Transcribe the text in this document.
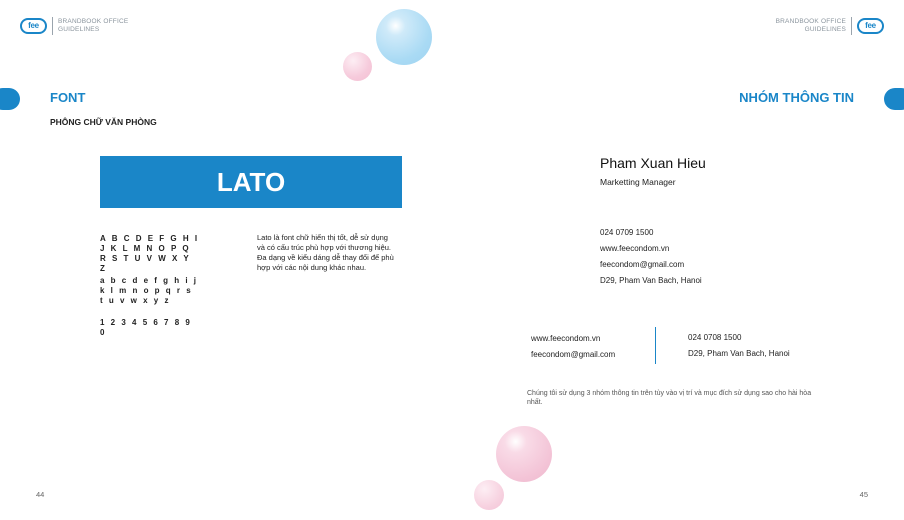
fee	BRANDBOOK OFFICE
GUIDELINES
FONT
PHÔNG CHỮ VĂN PHÒNG
LATO
A B C D E F G H I J K L M N O P Q R S T U V W X Y Z
a b c d e f g h i j k l m n o p q r s t u v w x y z
1 2 3 4 5 6 7 8 9 0
Lato là font chữ hiển thị tốt, dễ sử dụng và có cấu trúc phù hợp với thương hiệu. Đa dạng về kiểu dáng dễ thay đổi để phù hợp với các nội dung khác nhau.
44
BRANDBOOK OFFICE
GUIDELINES	fee
NHÓM THÔNG TIN
Pham Xuan Hieu
Marketting Manager
024 0709 1500
www.feecondom.vn
feecondom@gmail.com
D29, Pham Van Bach, Hanoi
www.feecondom.vn
feecondom@gmail.com
024 0708 1500
D29, Pham Van Bach, Hanoi
Chúng tôi sử dụng 3 nhóm thông tin trên tùy vào vị trí và mục đích sử dụng sao cho hài hòa nhất.
45
